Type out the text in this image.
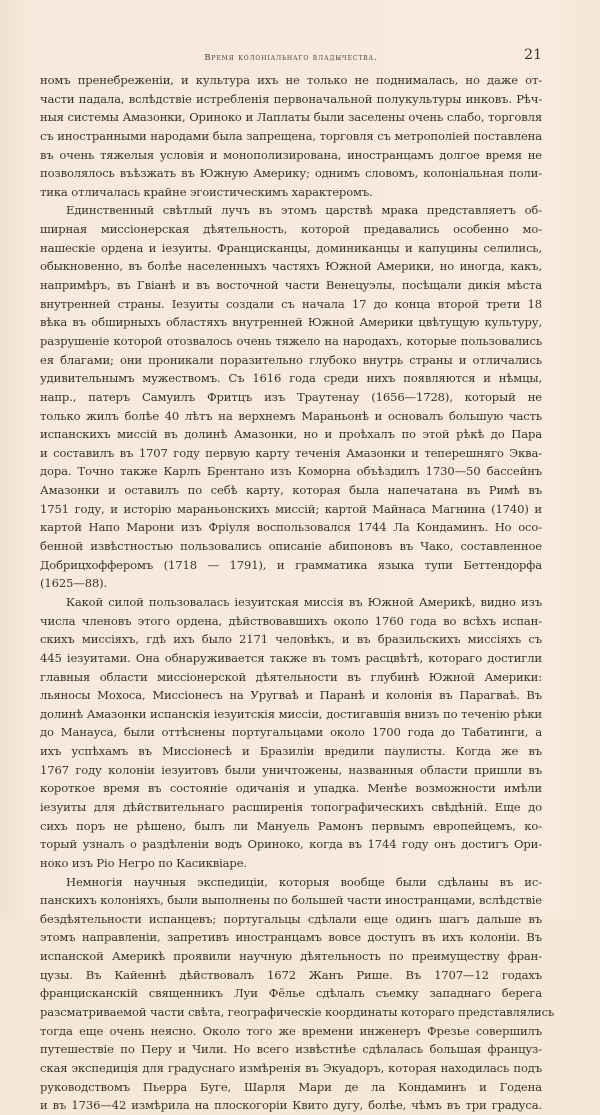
Время колоніальнаго владычества.	21
номъ пренебреженіи, и культура ихъ не только не поднималась, но даже от-
части падала, вслѣдствіе истребленія первоначальной полукультуры инковъ. Рѣч-
ныя системы Амазонки, Ориноко и Лаплаты были заселены очень слабо, торговля
съ иностранными народами была запрещена, торговля съ метрополіей поставлена
въ очень тяжелыя условія и монополизирована, иностранцамъ долгое время не
позволялось въѣзжать въ Южную Америку; однимъ словомъ, колоніальная поли-
тика отличалась крайне эгоистическимъ характеромъ.
Единственный свѣтлый лучъ въ этомъ царствѣ мрака представляетъ об-
ширная миссіонерская дѣятельность, которой предавались особенно мо-
нашескіе ордена и іезуиты. Францисканцы, доминиканцы и капуцины селились,
обыкновенно, въ болѣе населенныхъ частяхъ Южной Америки, но иногда, какъ,
напримѣръ, въ Гвіанѣ и въ восточной части Венецуэлы, посѣщали дикія мѣста
внутренней страны. Іезуиты создали съ начала 17 до конца второй трети 18
вѣка въ обширныхъ областяхъ внутренней Южной Америки цвѣтущую культуру,
разрушеніе которой отозвалось очень тяжело на народахъ, которые пользовались
ея благами; они проникали поразительно глубоко внутрь страны и отличались
удивительнымъ мужествомъ. Съ 1616 года среди нихъ появляются и нѣмцы,
напр., патеръ Самуилъ Фритцъ изъ Траутенау (1656—1728), который не
только жилъ болѣе 40 лѣтъ на верхнемъ Мараньонѣ и основалъ большую часть
испанскихъ миссій въ долинѣ Амазонки, но и проѣхалъ по этой рѣкѣ до Пара
и составилъ въ 1707 году первую карту теченія Амазонки и теперешняго Эква-
дора. Точно также Карлъ Брентано изъ Коморна объѣздилъ 1730—50 бассейнъ
Амазонки и оставилъ по себѣ карту, которая была напечатана въ Римѣ въ
1751 году, и исторію мараньонскихъ миссій; картой Майнаса Магнина (1740) и
картой Напо Марони изъ Фріуля воспользовался 1744 Ла Кондаминъ. Но осо-
бенной извѣстностью пользовались описаніе абипоновъ въ Чако, составленное
Добрицхофферомъ (1718 — 1791), и грамматика языка тупи Беттендорфа
(1625—88).
Какой силой пользовалась іезуитская миссія въ Южной Америкѣ, видно изъ
числа членовъ этого ордена, дѣйствовавшихъ около 1760 года во всѣхъ испан-
скихъ миссіяхъ, гдѣ ихъ было 2171 человѣкъ, и въ бразильскихъ миссіяхъ съ
445 іезуитами. Она обнаруживается также въ томъ расцвѣтѣ, котораго достигли
главныя области миссіонерской дѣятельности въ глубинѣ Южной Америки:
льяносы Мохоса, Миссіонесъ на Уругваѣ и Паранѣ и колонія въ Парагваѣ. Въ
долинѣ Амазонки испанскія іезуитскія миссіи, достигавшія внизъ по теченію рѣки
до Манауса, были оттѣснены португальцами около 1700 года до Табатинги, а
ихъ успѣхамъ въ Миссіонесѣ и Бразиліи вредили паулисты. Когда же въ
1767 году колоніи іезуитовъ были уничтожены, названныя области пришли въ
короткое время въ состояніе одичанія и упадка. Менѣе возможности имѣли
іезуиты для дѣйствительнаго расширенія топографическихъ свѣдѣній. Еще до
сихъ поръ не рѣшено, былъ ли Мануель Рамонъ первымъ европейцемъ, ко-
торый узналъ о раздѣленіи водъ Ориноко, когда въ 1744 году онъ достигъ Ори-
ноко изъ Ріо Негро по Касиквіаре.
Немногія научныя экспедиціи, которыя вообще были сдѣланы въ ис-
панскихъ колоніяхъ, были выполнены по большей части иностранцами, вслѣдствіе
бездѣятельности испанцевъ; португальцы сдѣлали еще одинъ шагъ дальше въ
этомъ направленіи, запретивъ иностранцамъ вовсе доступъ въ ихъ колоніи. Въ
испанской Америкѣ проявили научную дѣятельность по преимуществу фран-
цузы. Въ Кайеннѣ дѣйствовалъ 1672 Жанъ Рише. Въ 1707—12 годахъ
францисканскій священникъ Луи Фёлье сдѣлалъ съемку западнаго берега
разсматриваемой части свѣта, географическіе координаты котораго представлялись
тогда еще очень неясно. Около того же времени инженеръ Фрезье совершилъ
путешествіе по Перу и Чили. Но всего извѣстнѣе сдѣлалась большая француз-
ская экспедиція для градуснаго измѣренія въ Экуадоръ, которая находилась подъ
руководствомъ Пьерра Буге, Шарля Мари де ла Кондаминъ и Годена
и въ 1736—42 измѣрила на плоскогоріи Квито дугу, болѣе, чѣмъ въ три градуса.
